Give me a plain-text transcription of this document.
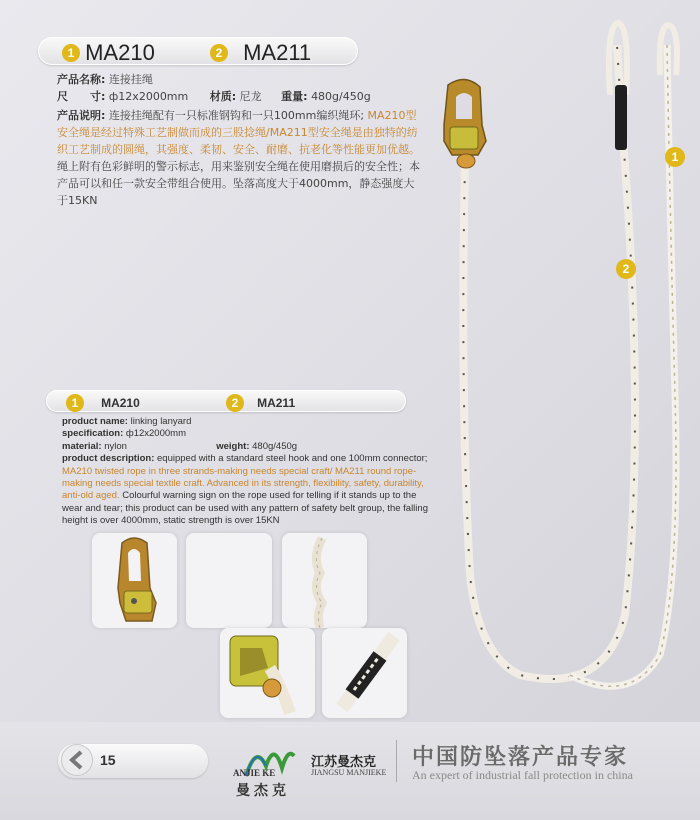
1 MA210	2 MA211
产品名称: 连接挂绳
尺　　寸: ф12x2000mm 材质: 尼龙 重量: 480g/450g
产品说明: 连接挂绳配有一只标准钢钩和一只100mm编织绳环; MA210型安全绳是经过特殊工艺制做而成的三股捻绳/MA211型安全绳是由独特的纺织工艺制成的圆绳，其强度、柔韧、安全、耐磨、抗老化等性能更加优越。 绳上附有色彩鲜明的警示标志，用来鉴别安全绳在使用磨损后的安全性；本产品可以和任一款安全带组合使用。坠落高度大于4000mm，静态强度大于15KN
1 MA210	2 MA211
product name: linking lanyard
specification: ф12x2000mm
material: nylon	weight: 480g/450g
product description: equipped with a standard steel hook and one 100mm connector; MA210 twisted rope in three strands-making needs special craft/ MA211 round rope-making needs special textile craft. Advanced in its strength, flexibility, safety, durability, anti-old aged. Colourful warning sign on the rope used for telling if it stands up to the wear and tear; this product can be used with any pattern of safety belt group, the falling height is over 4000mm, static strength is over 15KN
1
2
15
ANJIE KE
曼杰克
江苏曼杰克
JIANGSU MANJIEKE
中国防坠落产品专家
An expert of industrial fall protection in china
